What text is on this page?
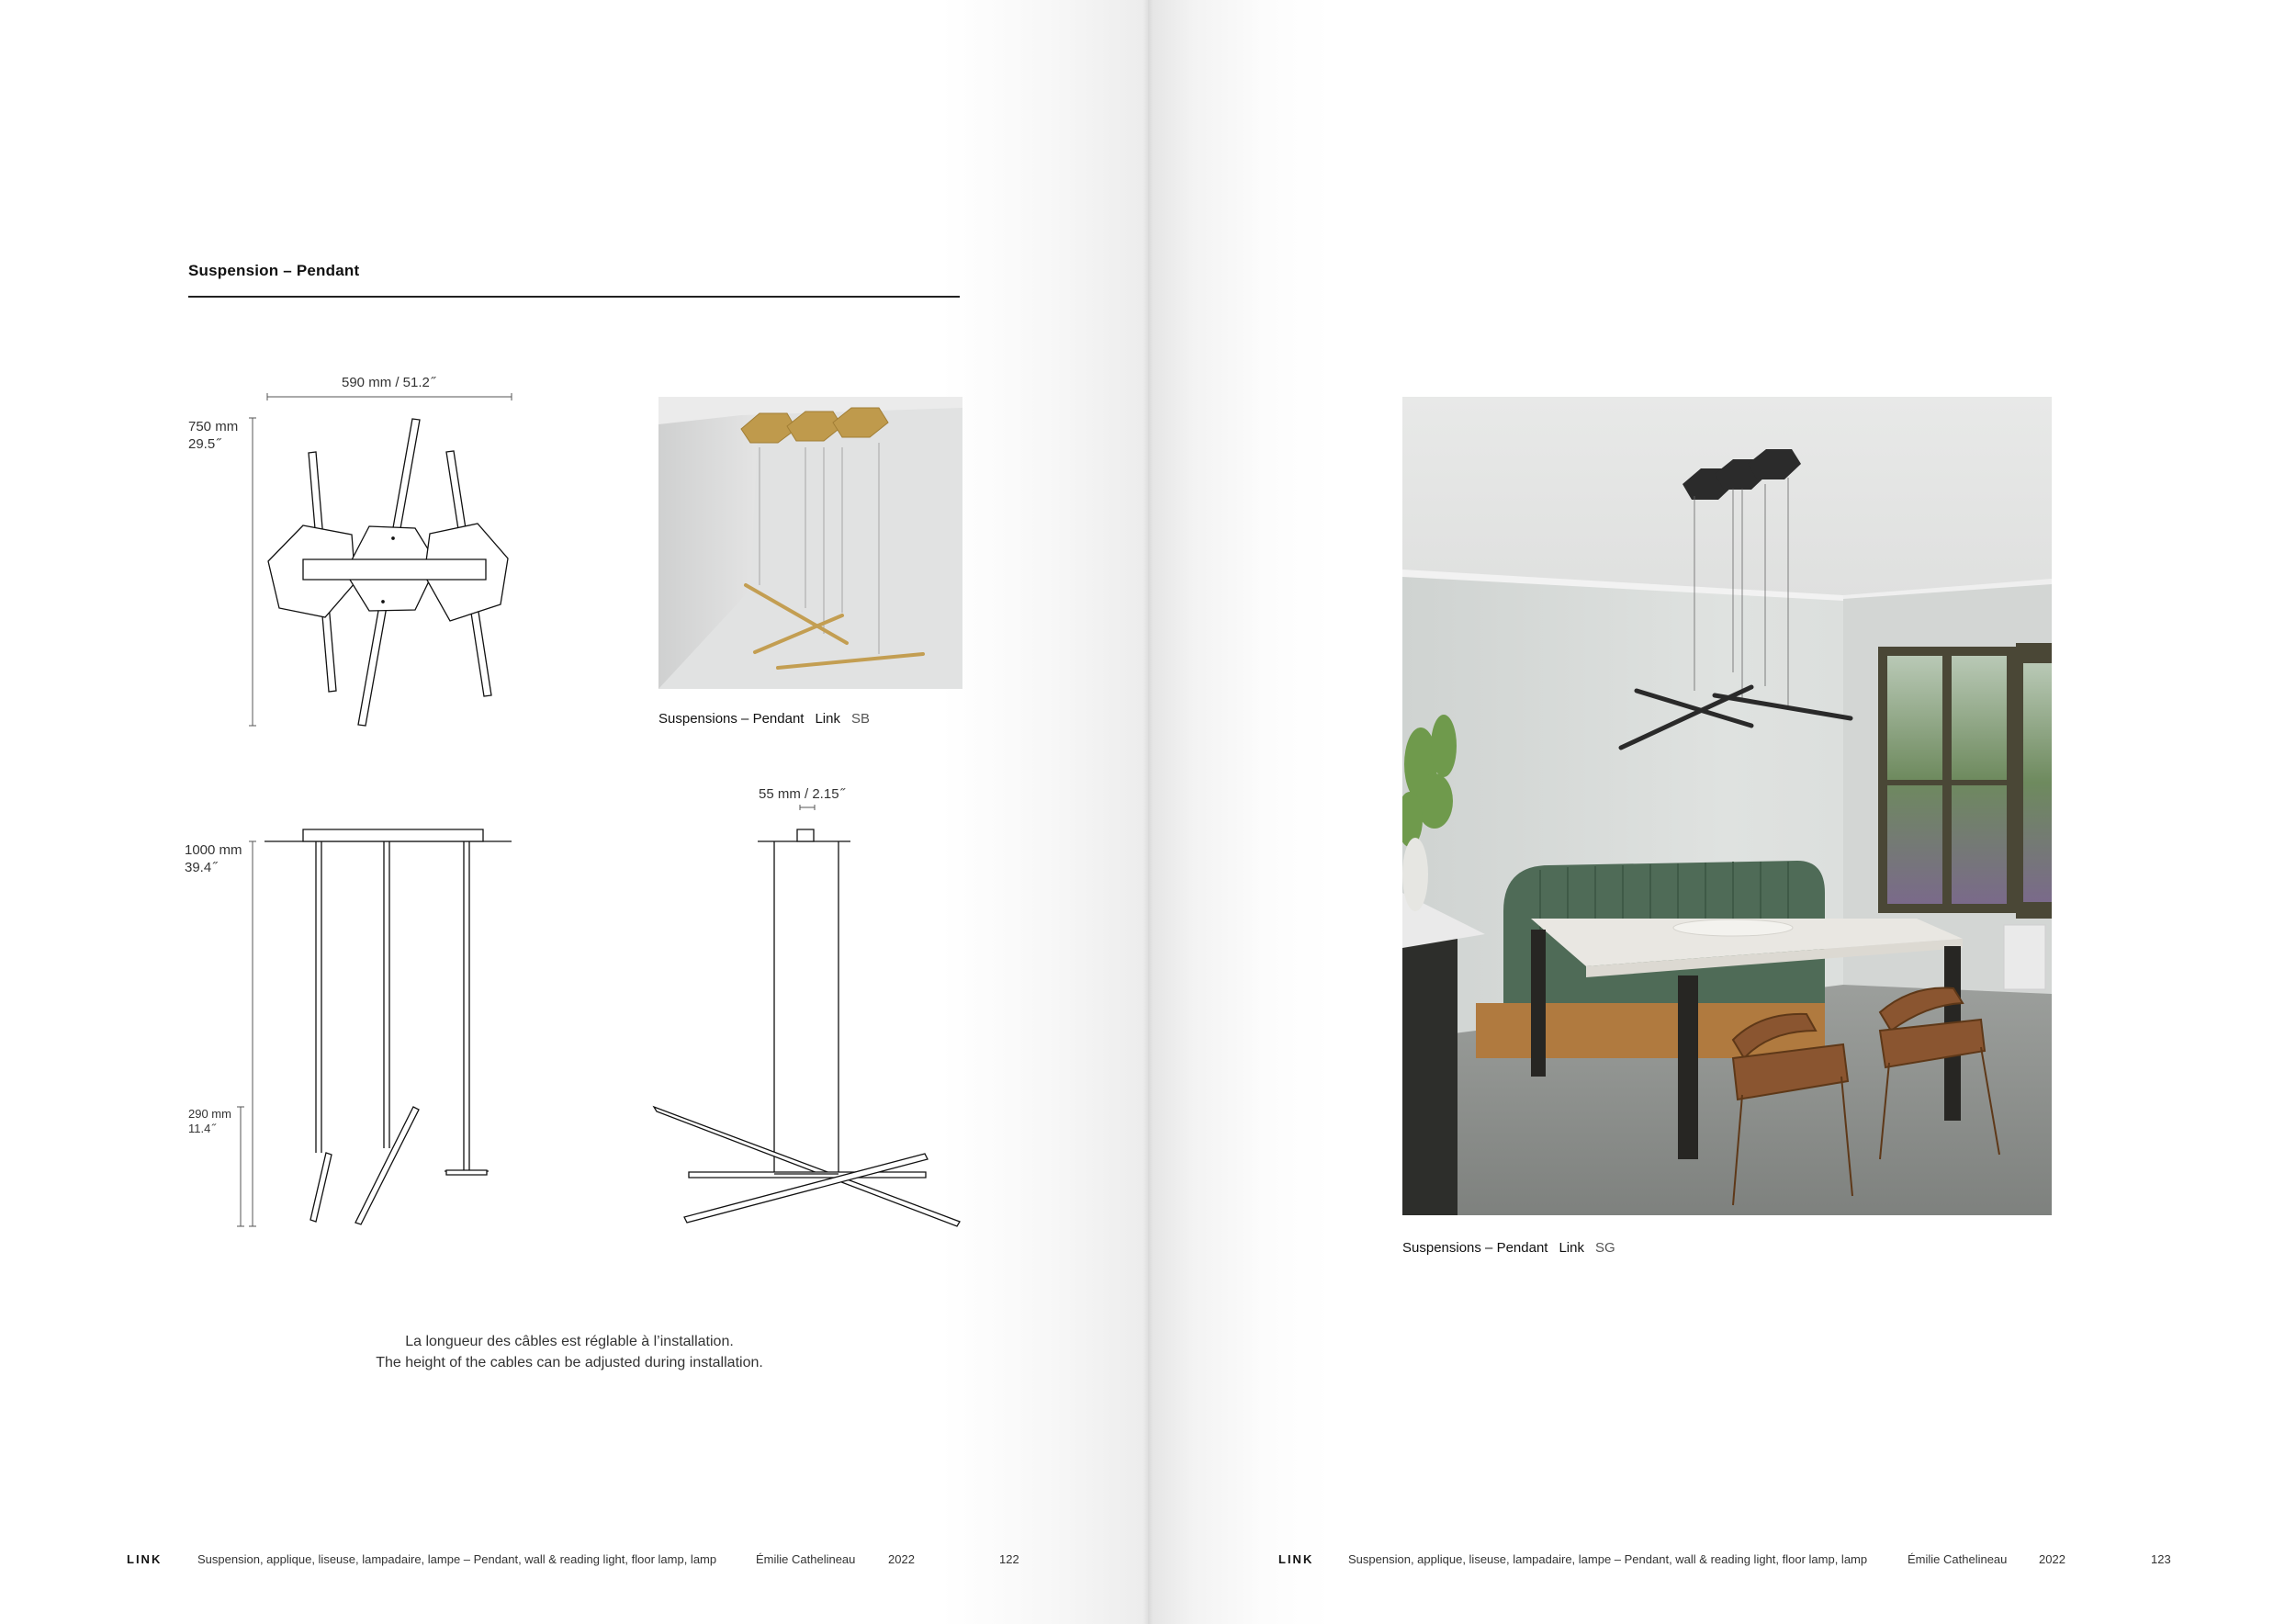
Suspension – Pendant
590 mm / 51.2 ̋
750 mm
29.5 ̋
1000 mm
39.4 ̋
290 mm
11.4 ̋
55 mm / 2.15 ̋
Suspensions – Pendant Link SB
La longueur des câbles est réglable à l’installation.
The height of the cables can be adjusted during installation.
LINK	Suspension, applique, liseuse, lampadaire, lampe – Pendant, wall & reading light, floor lamp, lamp	Émilie Cathelineau	2022	122
Suspensions – Pendant Link SG
LINK	Suspension, applique, liseuse, lampadaire, lampe – Pendant, wall & reading light, floor lamp, lamp	Émilie Cathelineau	2022	123
